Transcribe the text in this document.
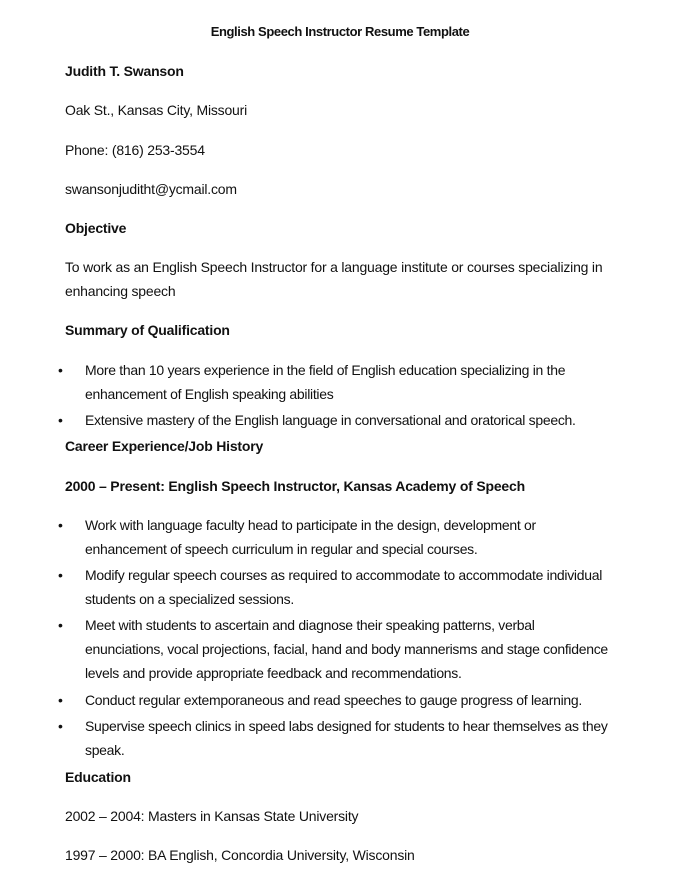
English Speech Instructor Resume Template
Judith T. Swanson
Oak St., Kansas City, Missouri
Phone: (816) 253-3554
swansonjuditht@ycmail.com
Objective
To work as an English Speech Instructor for a language institute or courses specializing in
enhancing speech
Summary of Qualification
• More than 10 years experience in the field of English education specializing in the
enhancement of English speaking abilities
• Extensive mastery of the English language in conversational and oratorical speech.
Career Experience/Job History
2000 – Present: English Speech Instructor, Kansas Academy of Speech
• Work with language faculty head to participate in the design, development or
enhancement of speech curriculum in regular and special courses.
• Modify regular speech courses as required to accommodate to accommodate individual
students on a specialized sessions.
• Meet with students to ascertain and diagnose their speaking patterns, verbal
enunciations, vocal projections, facial, hand and body mannerisms and stage confidence
levels and provide appropriate feedback and recommendations.
• Conduct regular extemporaneous and read speeches to gauge progress of learning.
• Supervise speech clinics in speed labs designed for students to hear themselves as they
speak.
Education
2002 – 2004: Masters in Kansas State University
1997 – 2000: BA English, Concordia University, Wisconsin
